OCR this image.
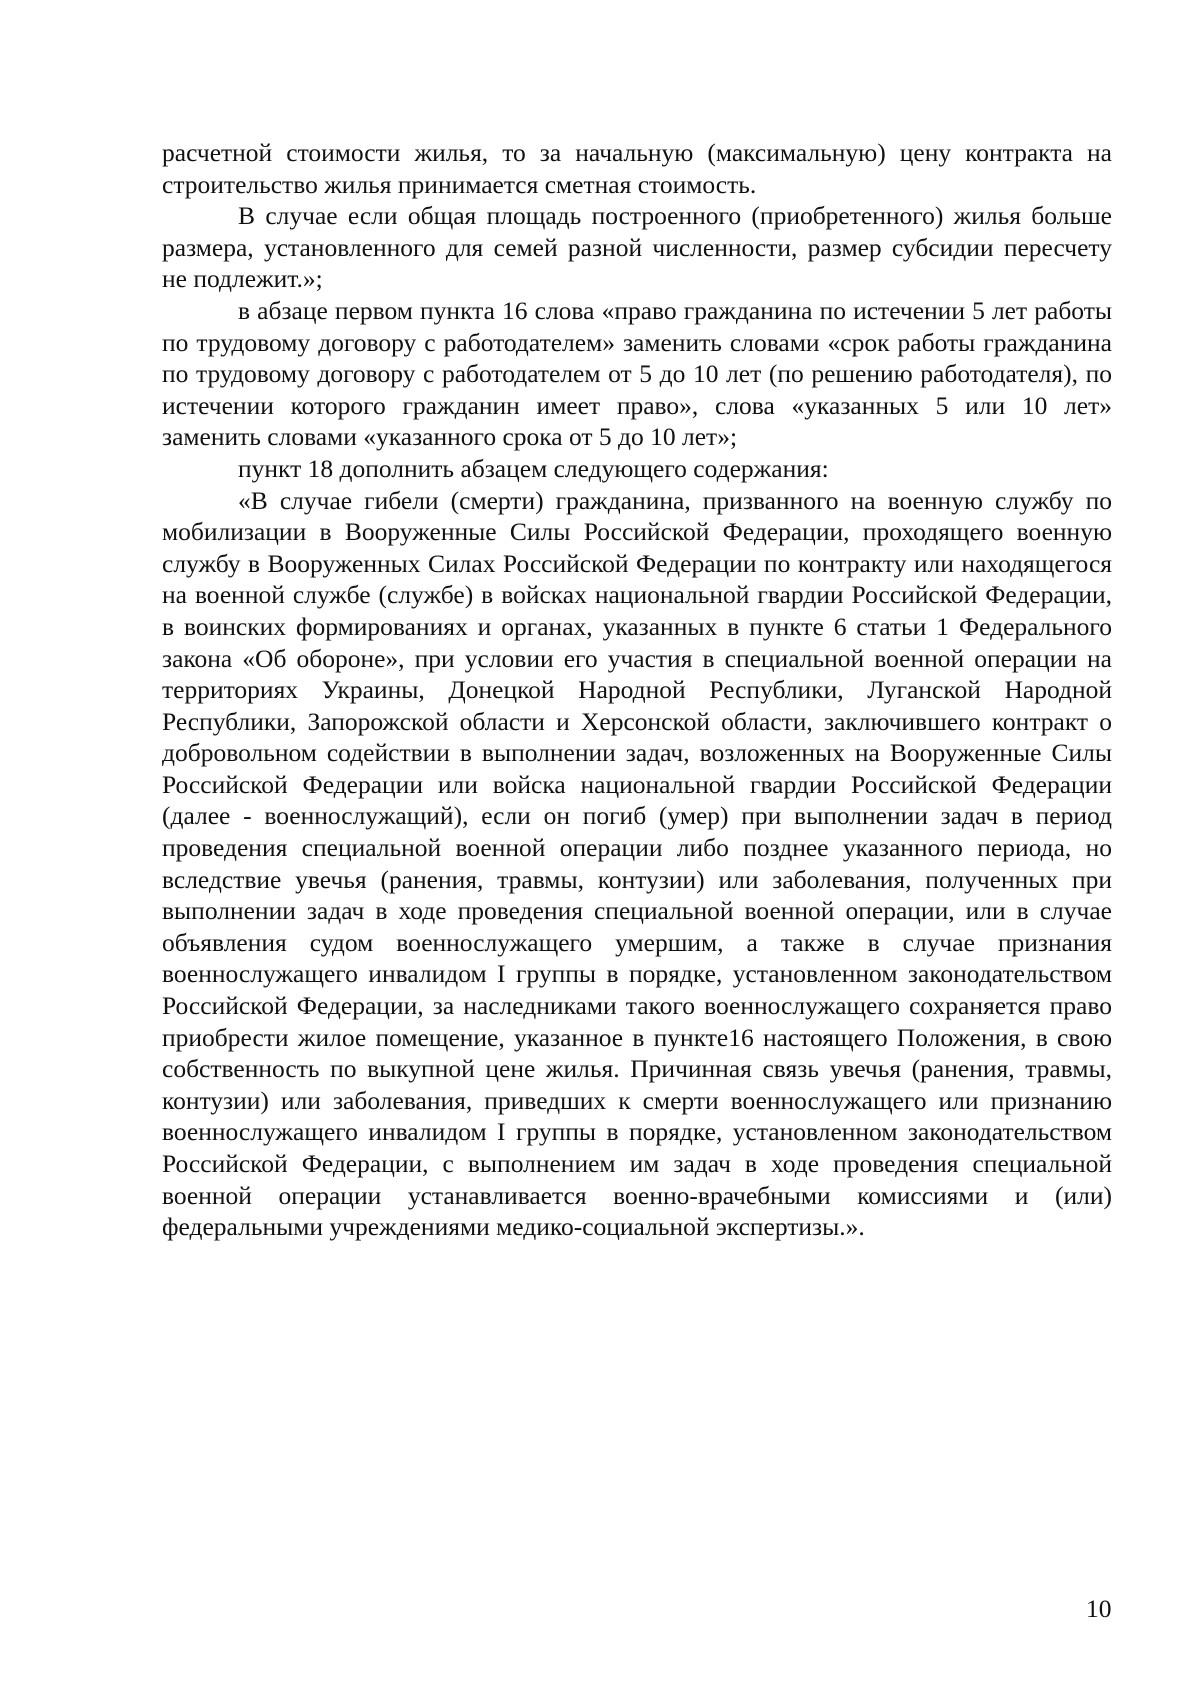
расчетной стоимости жилья, то за начальную (максимальную) цену контракта на строительство жилья принимается сметная стоимость.

В случае если общая площадь построенного (приобретенного) жилья больше размера, установленного для семей разной численности, размер субсидии пересчету не подлежит.»;

в абзаце первом пункта 16 слова «право гражданина по истечении 5 лет работы по трудовому договору с работодателем» заменить словами «срок работы гражданина по трудовому договору с работодателем от 5 до 10 лет (по решению работодателя), по истечении которого гражданин имеет право», слова «указанных 5 или 10 лет» заменить словами «указанного срока от 5 до 10 лет»;

пункт 18 дополнить абзацем следующего содержания:

«В случае гибели (смерти) гражданина, призванного на военную службу по мобилизации в Вооруженные Силы Российской Федерации, проходящего военную службу в Вооруженных Силах Российской Федерации по контракту или находящегося на военной службе (службе) в войсках национальной гвардии Российской Федерации, в воинских формированиях и органах, указанных в пункте 6 статьи 1 Федерального закона «Об обороне», при условии его участия в специальной военной операции на территориях Украины, Донецкой Народной Республики, Луганской Народной Республики, Запорожской области и Херсонской области, заключившего контракт о добровольном содействии в выполнении задач, возложенных на Вооруженные Силы Российской Федерации или войска национальной гвардии Российской Федерации (далее - военнослужащий), если он погиб (умер) при выполнении задач в период проведения специальной военной операции либо позднее указанного периода, но вследствие увечья (ранения, травмы, контузии) или заболевания, полученных при выполнении задач в ходе проведения специальной военной операции, или в случае объявления судом военнослужащего умершим, а также в случае признания военнослужащего инвалидом I группы в порядке, установленном законодательством Российской Федерации, за наследниками такого военнослужащего сохраняется право приобрести жилое помещение, указанное в пункте16 настоящего Положения, в свою собственность по выкупной цене жилья. Причинная связь увечья (ранения, травмы, контузии) или заболевания, приведших к смерти военнослужащего или признанию военнослужащего инвалидом I группы в порядке, установленном законодательством Российской Федерации, с выполнением им задач в ходе проведения специальной военной операции устанавливается военно-врачебными комиссиями и (или) федеральными учреждениями медико-социальной экспертизы.».

10
